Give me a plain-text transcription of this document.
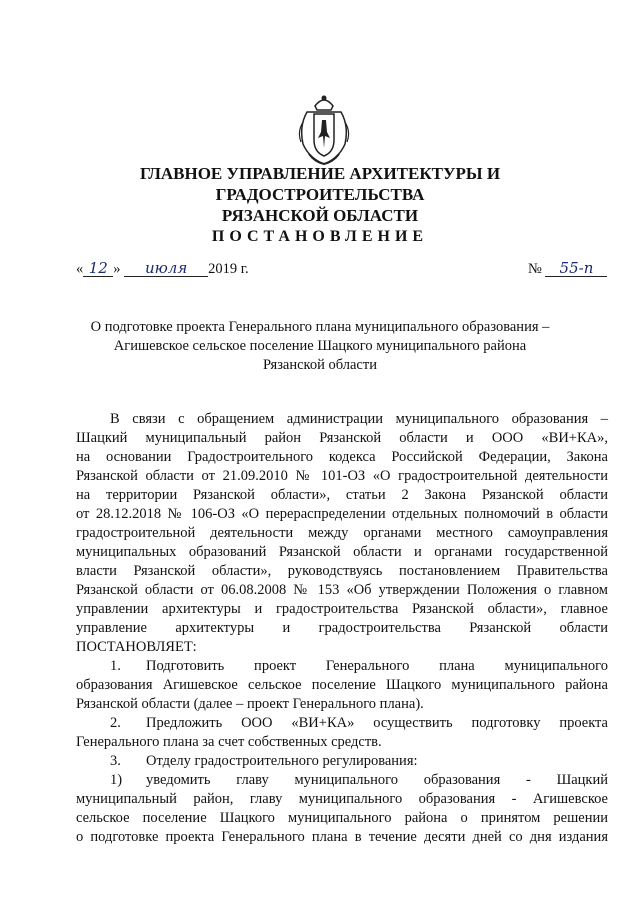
ГЛАВНОЕ УПРАВЛЕНИЕ АРХИТЕКТУРЫ И ГРАДОСТРОИТЕЛЬСТВА
РЯЗАНСКОЙ ОБЛАСТИ
ПОСТАНОВЛЕНИЕ
« 12 » июля 2019 г.	№ 55-п
О подготовке проекта Генерального плана муниципального образования –
Агишевское сельское поселение Шацкого муниципального района
Рязанской области

В связи с обращением администрации муниципального образования –

Шацкий муниципальный район Рязанской области и ООО «ВИ+КА»,

на основании Градостроительного кодекса Российской Федерации, Закона

Рязанской области от 21.09.2010 № 101-ОЗ «О градостроительной деятельности

на территории Рязанской области», статьи 2 Закона Рязанской области

от 28.12.2018 № 106-ОЗ «О перераспределении отдельных полномочий в области

градостроительной деятельности между органами местного самоуправления

муниципальных образований Рязанской области и органами государственной

власти Рязанской области», руководствуясь постановлением Правительства

Рязанской области от 06.08.2008 № 153 «Об утверждении Положения о главном

управлении архитектуры и градостроительства Рязанской области», главное

управление архитектуры и градостроительства Рязанской области

ПОСТАНОВЛЯЕТ:

1. Подготовить проект Генерального плана муниципального

образования Агишевское сельское поселение Шацкого муниципального района

Рязанской области (далее – проект Генерального плана).

2. Предложить ООО «ВИ+КА» осуществить подготовку проекта

Генерального плана за счет собственных средств.

3. Отделу градостроительного регулирования:

1) уведомить главу муниципального образования - Шацкий

муниципальный район, главу муниципального образования - Агишевское

сельское поселение Шацкого муниципального района о принятом решении

о подготовке проекта Генерального плана в течение десяти дней со дня издания
